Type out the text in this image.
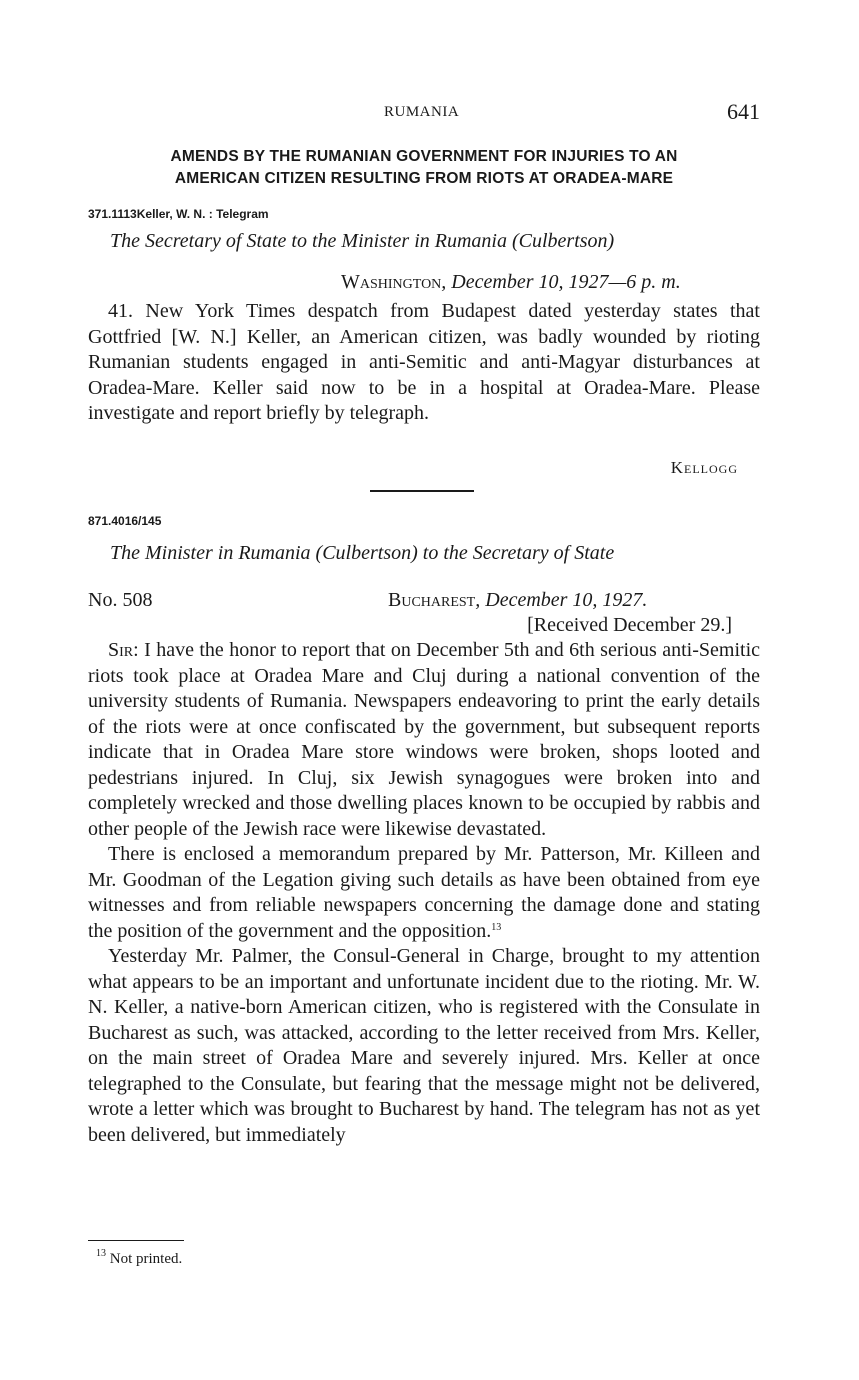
RUMANIA	641
AMENDS BY THE RUMANIAN GOVERNMENT FOR INJURIES TO AN
AMERICAN CITIZEN RESULTING FROM RIOTS AT ORADEA-MARE
371.1113Keller, W. N. : Telegram
The Secretary of State to the Minister in Rumania (Culbertson)
Washington, December 10, 1927—6 p. m.

41. New York Times despatch from Budapest dated yesterday states that Gottfried [W. N.] Keller, an American citizen, was badly wounded by rioting Rumanian students engaged in anti-Semitic and anti-Magyar disturbances at Oradea-Mare. Keller said now to be in a hospital at Oradea-Mare. Please investigate and report briefly by telegraph.

Kellogg
871.4016/145
The Minister in Rumania (Culbertson) to the Secretary of State
No. 508	Bucharest, December 10, 1927.
[Received December 29.]

Sir: I have the honor to report that on December 5th and 6th serious anti-Semitic riots took place at Oradea Mare and Cluj during a national convention of the university students of Rumania. Newspapers endeavoring to print the early details of the riots were at once confiscated by the government, but subsequent reports indicate that in Oradea Mare store windows were broken, shops looted and pedestrians injured. In Cluj, six Jewish synagogues were broken into and completely wrecked and those dwelling places known to be occupied by rabbis and other people of the Jewish race were likewise devastated.

There is enclosed a memorandum prepared by Mr. Patterson, Mr. Killeen and Mr. Goodman of the Legation giving such details as have been obtained from eye witnesses and from reliable newspapers concerning the damage done and stating the position of the government and the opposition.$^{13}$

Yesterday Mr. Palmer, the Consul-General in Charge, brought to my attention what appears to be an important and unfortunate incident due to the rioting. Mr. W. N. Keller, a native-born American citizen, who is registered with the Consulate in Bucharest as such, was attacked, according to the letter received from Mrs. Keller, on the main street of Oradea Mare and severely injured. Mrs. Keller at once telegraphed to the Consulate, but fearing that the message might not be delivered, wrote a letter which was brought to Bucharest by hand. The telegram has not as yet been delivered, but immediately

$^{13}$ Not printed.
